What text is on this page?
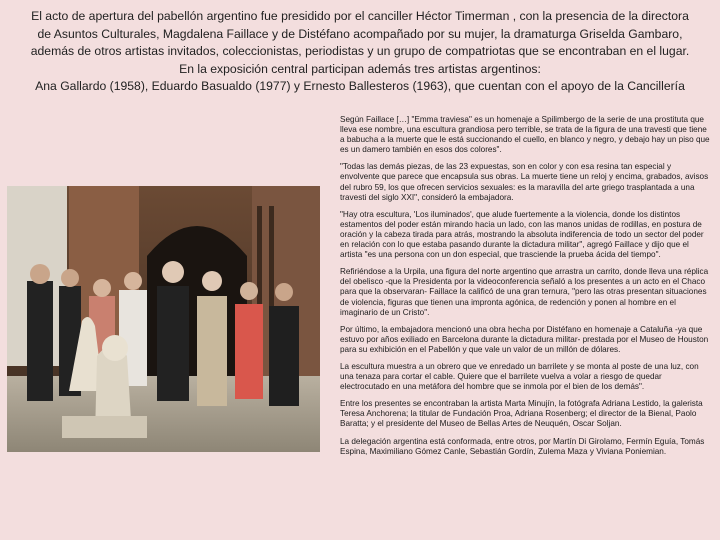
El acto de apertura del pabellón argentino fue presidido por el canciller Héctor Timerman , con la presencia de la directora
de Asuntos Culturales, Magdalena Faillace y de Distéfano acompañado por su mujer, la dramaturga Griselda Gambaro,
además de otros artistas invitados, coleccionistas, periodistas y un grupo de compatriotas que se encontraban en el lugar.
En la exposición central participan además tres artistas argentinos:
Ana Gallardo (1958), Eduardo Basualdo (1977) y Ernesto Ballesteros (1963), que cuentan con el apoyo de la Cancillería

Según Faillace […] "Emma traviesa" es un homenaje a Spilimbergo de la serie de una prostituta que lleva ese nombre, una escultura grandiosa pero terrible, se trata de la figura de una travesti que tiene a babucha a la muerte que le está succionando el cuello, en blanco y negro, y debajo hay un piso que es un damero también en esos dos colores".

"Todas las demás piezas, de las 23 expuestas, son en color y con esa resina tan especial y envolvente que parece que encapsula sus obras. La muerte tiene un reloj y encima, grabados, avisos del rubro 59, los que ofrecen servicios sexuales: es la maravilla del arte griego trasplantada a una travesti del siglo XXI", consideró la embajadora.

"Hay otra escultura, 'Los iluminados', que alude fuertemente a la violencia, donde los distintos estamentos del poder están mirando hacia un lado, con las manos unidas de rodillas, en postura de oración y la cabeza tirada para atrás, mostrando la absoluta indiferencia de todo un sector del poder en relación con lo que estaba pasando durante la dictadura militar", agregó Faillace y dijo que el artista "es una persona con un don especial, que trasciende la prueba ácida del tiempo".

Refiriéndose a la Urpila, una figura del norte argentino que arrastra un carrito, donde lleva una réplica del obelisco -que la Presidenta por la videoconferencia señaló a los presentes a un acto en el Chaco para que la observaran- Faillace la calificó de una gran ternura, "pero las otras presentan situaciones de violencia, figuras que tienen una impronta agónica, de redención y ponen al hombre en el imaginario de un Cristo".

Por último, la embajadora mencionó una obra hecha por Distéfano en homenaje a Cataluña -ya que estuvo por años exiliado en Barcelona durante la dictadura militar- prestada por el Museo de Houston para su exhibición en el Pabellón y que vale un valor de un millón de dólares.

La escultura muestra a un obrero que ve enredado un barrilete y se monta al poste de una luz, con una tenaza para cortar el cable. Quiere que el barrilete vuelva a volar a riesgo de quedar electrocutado en una metáfora del hombre que se inmola por el bien de los demás".

Entre los presentes se encontraban la artista Marta Minujín, la fotógrafa Adriana Lestido, la galerista Teresa Anchorena; la titular de Fundación Proa, Adriana Rosenberg; el director de la Bienal, Paolo Baratta; y el presidente del Museo de Bellas Artes de Neuquén, Oscar Soljan.

La delegación argentina está conformada, entre otros, por Martín Di Girolamo, Fermín Eguía, Tomás Espina, Maximiliano Gómez Canle, Sebastián Gordín, Zulema Maza y Viviana Poniemian.
